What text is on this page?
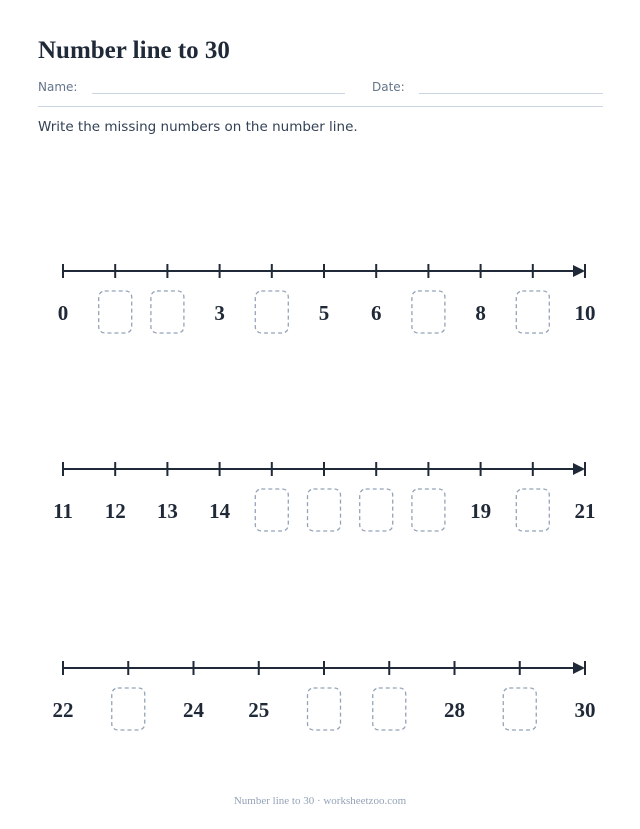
Number line to 30
Name:	Date:

Write the missing numbers on the number line.

0	3	5 6	8	10
11 12 13 14	19	21
22	24 25	28	30
Number line to 30 · worksheetzoo.com
